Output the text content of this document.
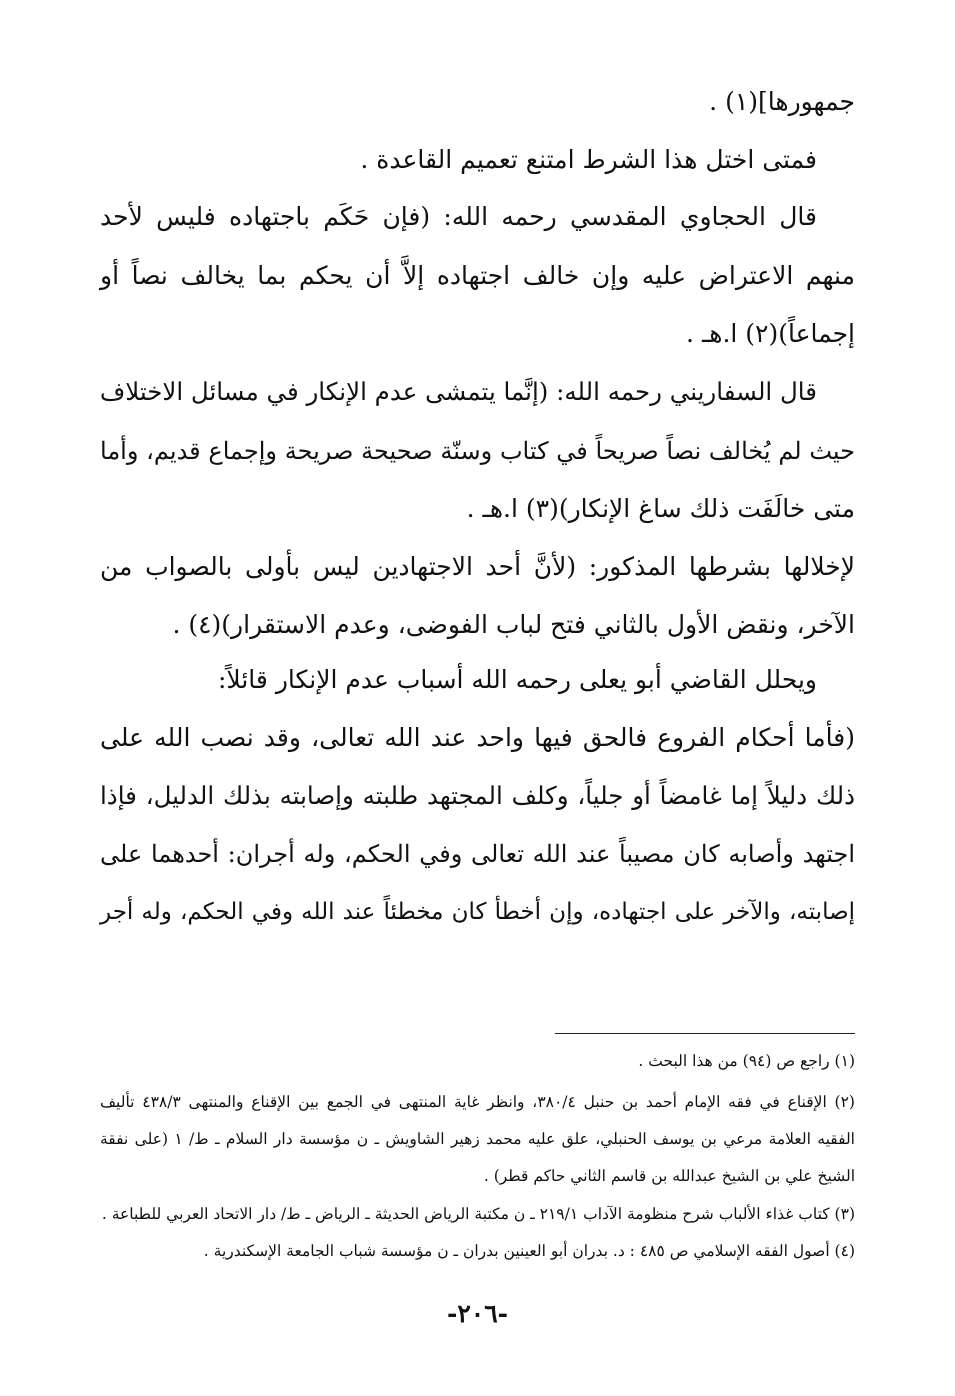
جمهورها](١) .
فمتى اختل هذا الشرط امتنع تعميم القاعدة .
قال الحجاوي المقدسي رحمه الله: (فإن حَكَم باجتهاده فليس لأحد
منهم الاعتراض عليه وإن خالف اجتهاده إلاَّ أن يحكم بما يخالف نصاً أو
إجماعاً)(٢) ا.هـ .
قال السفاريني رحمه الله: (إنَّما يتمشى عدم الإنكار في مسائل الاختلاف
حيث لم يُخالف نصاً صريحاً في كتاب وسنّة صحيحة صريحة وإجماع قديم، وأما
متى خالَفَت ذلك ساغ الإنكار)(٣) ا.هـ .
لإخلالها بشرطها المذكور: (لأنَّ أحد الاجتهادين ليس بأولى بالصواب من
الآخر، ونقض الأول بالثاني فتح لباب الفوضى، وعدم الاستقرار)(٤) .
ويحلل القاضي أبو يعلى رحمه الله أسباب عدم الإنكار قائلاً:
(فأما أحكام الفروع فالحق فيها واحد عند الله تعالى، وقد نصب الله على
ذلك دليلاً إما غامضاً أو جلياً، وكلف المجتهد طلبته وإصابته بذلك الدليل، فإذا
اجتهد وأصابه كان مصيباً عند الله تعالى وفي الحكم، وله أجران: أحدهما على
إصابته، والآخر على اجتهاده، وإن أخطأ كان مخطئاً عند الله وفي الحكم، وله أجر
(١) راجع ص (٩٤) من هذا البحث .
(٢) الإقناع في فقه الإمام أحمد بن حنبل ٣٨٠/٤، وانظر غاية المنتهى في الجمع بين الإقناع والمنتهى ٤٣٨/٣ تأليف
الفقيه العلامة مرعي بن يوسف الحنبلي، علق عليه محمد زهير الشاويش ـ ن مؤسسة دار السلام ـ ط/ ١ (على نفقة
الشيخ علي بن الشيخ عبدالله بن قاسم الثاني حاكم قطر) .
(٣) كتاب غذاء الألباب شرح منظومة الآداب ٢١٩/١ ـ ن مكتبة الرياض الحديثة ـ الرياض ـ ط/ دار الاتحاد العربي للطباعة .
(٤) أصول الفقه الإسلامي ص ٤٨٥ : د. بدران أبو العينين بدران ـ ن مؤسسة شباب الجامعة الإسكندرية .
-٢٠٦-
